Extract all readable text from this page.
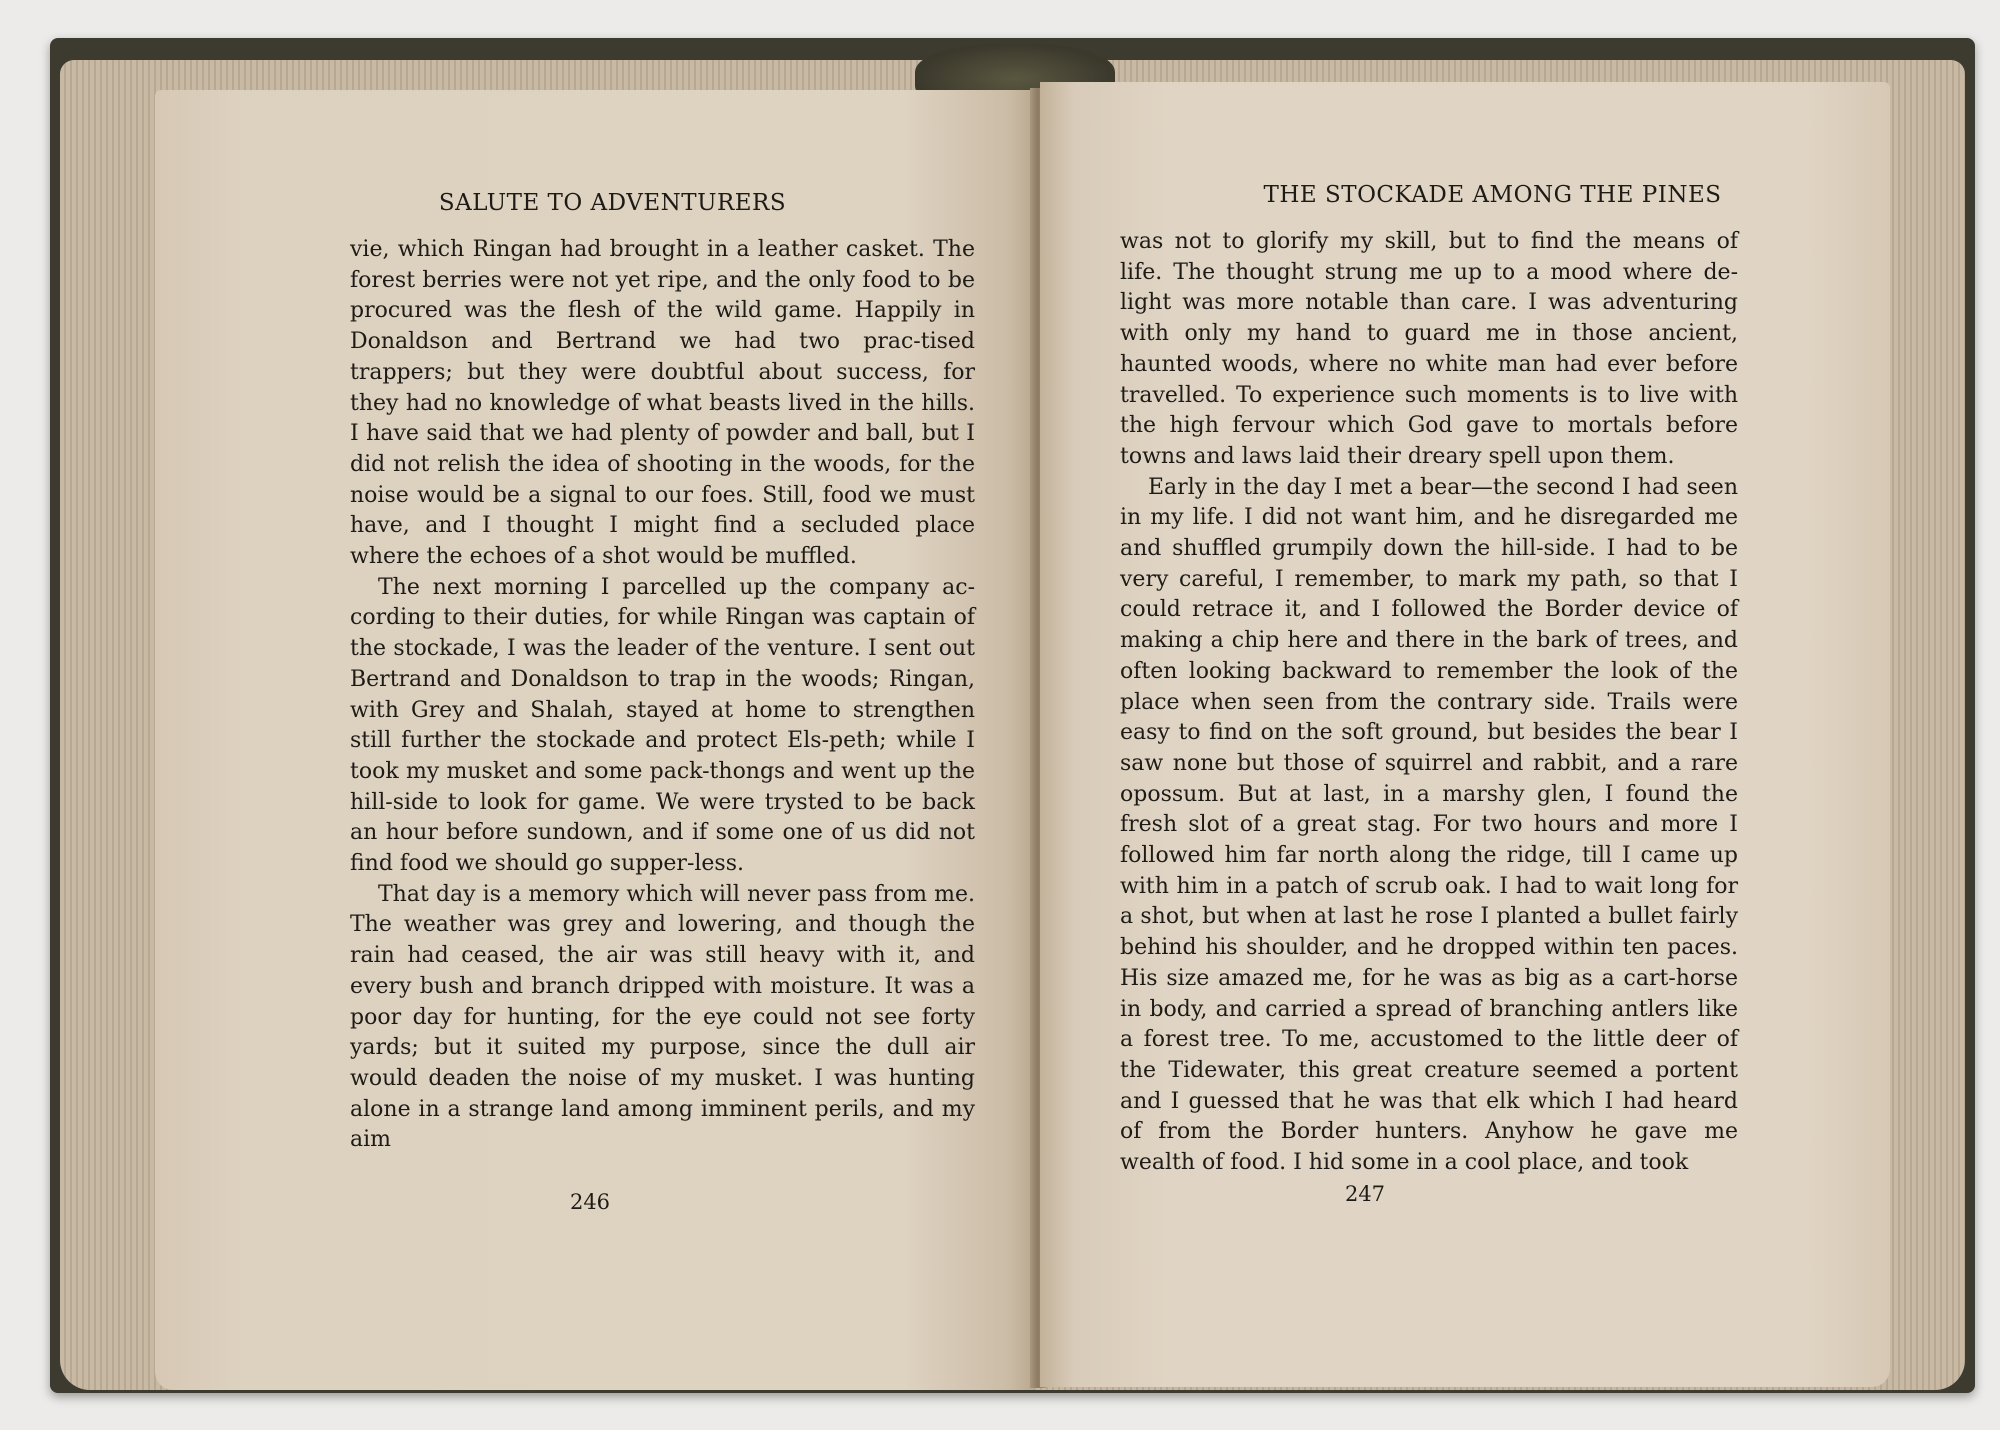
SALUTE TO ADVENTURERS

vie, which Ringan had brought in a leather casket. The forest berries were not yet ripe, and the only food to be procured was the flesh of the wild game. Happily in Donaldson and Bertrand we had two prac-tised trappers; but they were doubtful about success, for they had no knowledge of what beasts lived in the hills. I have said that we had plenty of powder and ball, but I did not relish the idea of shooting in the woods, for the noise would be a signal to our foes. Still, food we must have, and I thought I might find a secluded place where the echoes of a shot would be muffled.

The next morning I parcelled up the company ac-cording to their duties, for while Ringan was captain of the stockade, I was the leader of the venture. I sent out Bertrand and Donaldson to trap in the woods; Ringan, with Grey and Shalah, stayed at home to strengthen still further the stockade and protect Els-peth; while I took my musket and some pack-thongs and went up the hill-side to look for game. We were trysted to be back an hour before sundown, and if some one of us did not find food we should go supper-less.

That day is a memory which will never pass from me. The weather was grey and lowering, and though the rain had ceased, the air was still heavy with it, and every bush and branch dripped with moisture. It was a poor day for hunting, for the eye could not see forty yards; but it suited my purpose, since the dull air would deaden the noise of my musket. I was hunting alone in a strange land among imminent perils, and my aim

246
THE STOCKADE AMONG THE PINES

was not to glorify my skill, but to find the means of life. The thought strung me up to a mood where de-light was more notable than care. I was adventuring with only my hand to guard me in those ancient, haunted woods, where no white man had ever before travelled. To experience such moments is to live with the high fervour which God gave to mortals before towns and laws laid their dreary spell upon them.

Early in the day I met a bear—the second I had seen in my life. I did not want him, and he disregarded me and shuffled grumpily down the hill-side. I had to be very careful, I remember, to mark my path, so that I could retrace it, and I followed the Border device of making a chip here and there in the bark of trees, and often looking backward to remember the look of the place when seen from the contrary side. Trails were easy to find on the soft ground, but besides the bear I saw none but those of squirrel and rabbit, and a rare opossum. But at last, in a marshy glen, I found the fresh slot of a great stag. For two hours and more I followed him far north along the ridge, till I came up with him in a patch of scrub oak. I had to wait long for a shot, but when at last he rose I planted a bullet fairly behind his shoulder, and he dropped within ten paces. His size amazed me, for he was as big as a cart-horse in body, and carried a spread of branching antlers like a forest tree. To me, accustomed to the little deer of the Tidewater, this great creature seemed a portent and I guessed that he was that elk which I had heard of from the Border hunters. Anyhow he gave me wealth of food. I hid some in a cool place, and took

247
